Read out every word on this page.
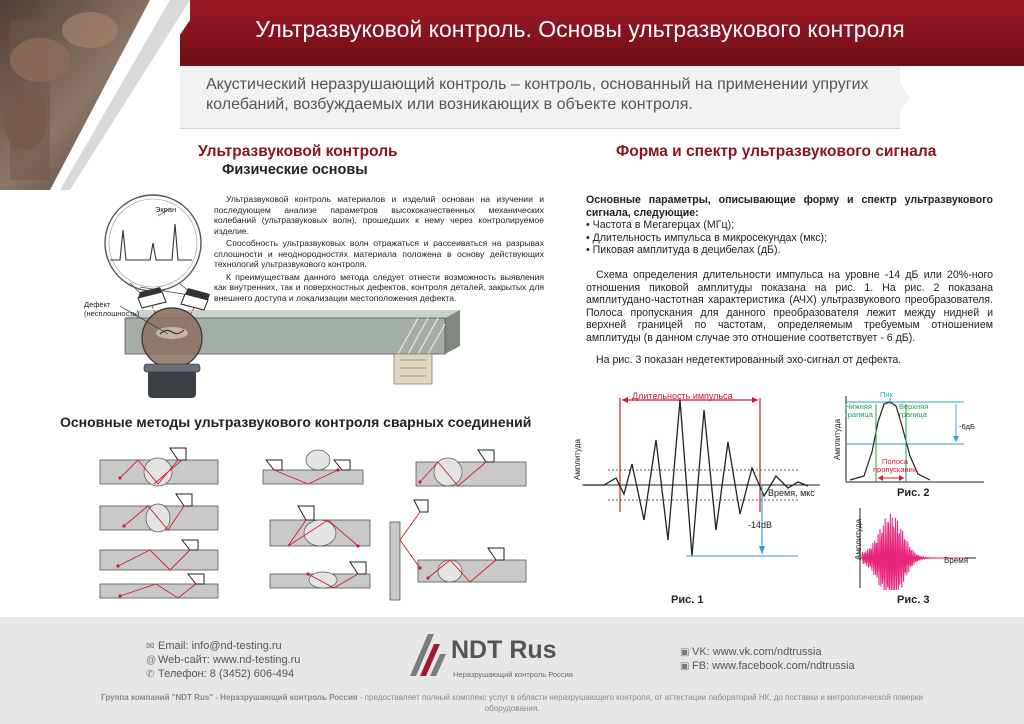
Ультразвуковой контроль. Основы ультразвукового контроля
Акустический неразрушающий контроль – контроль, основанный на применении упругих колебаний, возбуждаемых или возникающих в объекте контроля.
Ультразвуковой контроль
Физические основы

Ультразвуковой контроль материалов и изделий основан на изучении и последующем анализе параметров высококачественных механических колебаний (ультразвуковых волн), прошедших к нему через контролируемое изделие.

Способность ультразвуковых волн отражаться и рассеиваться на разрывах сплошности и неоднородностях материала положена в основу действующих технологий ультразвукового контроля.

К преимуществам данного метода следует отнести возможность выявления как внутренних, так и поверхностных дефектов, контроля деталей, закрытых для внешнего доступа и локализации местоположения дефекта.

Экран
Дефект
(несплошность)
Основные методы ультразвукового контроля сварных соединений
Форма и спектр ультразвукового сигнала

Основные параметры, описывающие форму и спектр ультразвукового сигнала, следующие:

• Частота в Мегагерцах (МГц);
• Длительность импульса в микросекундах (мкс);
• Пиковая амплитуда в децибелах (дБ).

Схема определения длительности импульса на уровне -14 дБ или 20%-ного отношения пиковой амплитуды показана на рис. 1. На рис. 2 показана амплитудано-частотная характеристика (АЧХ) ультразвукового преобразователя. Полоса пропускания для данного преобразователя лежит между нидней и верхней границей по частотам, определяемым требуемым отношением амплитуды (в данном случае это отношение соответствует - 6 дБ).

На рис. 3 показан недетектированный эхо-сигнал от дефекта.

Длительность импульса
Амплитуда
Время, мкс
-14dB
Рис. 1
Амплитуда
Пик
Нижняя
граница
Верхняя
граница
Полоса
пропускания
-6дБ
Рис. 2
Амплитуда
Время
Рис. 3
✉ Email: info@nd-testing.ru
@ Web-сайт: www.nd-testing.ru
✆ Телефон: 8 (3452) 606-494
NDT Rus
Неразрушающий контроль Россия
▣ VK: www.vk.com/ndtrussia
▣ FB: www.facebook.com/ndtrussia
Группа компаний "NDT Rus" - Неразрушающий контроль Россия - предоставляет полный комплекс услуг в области неразрушающего контроля, от аттестации лабораторий НК, до поставки и метрологической поверки оборудования.
